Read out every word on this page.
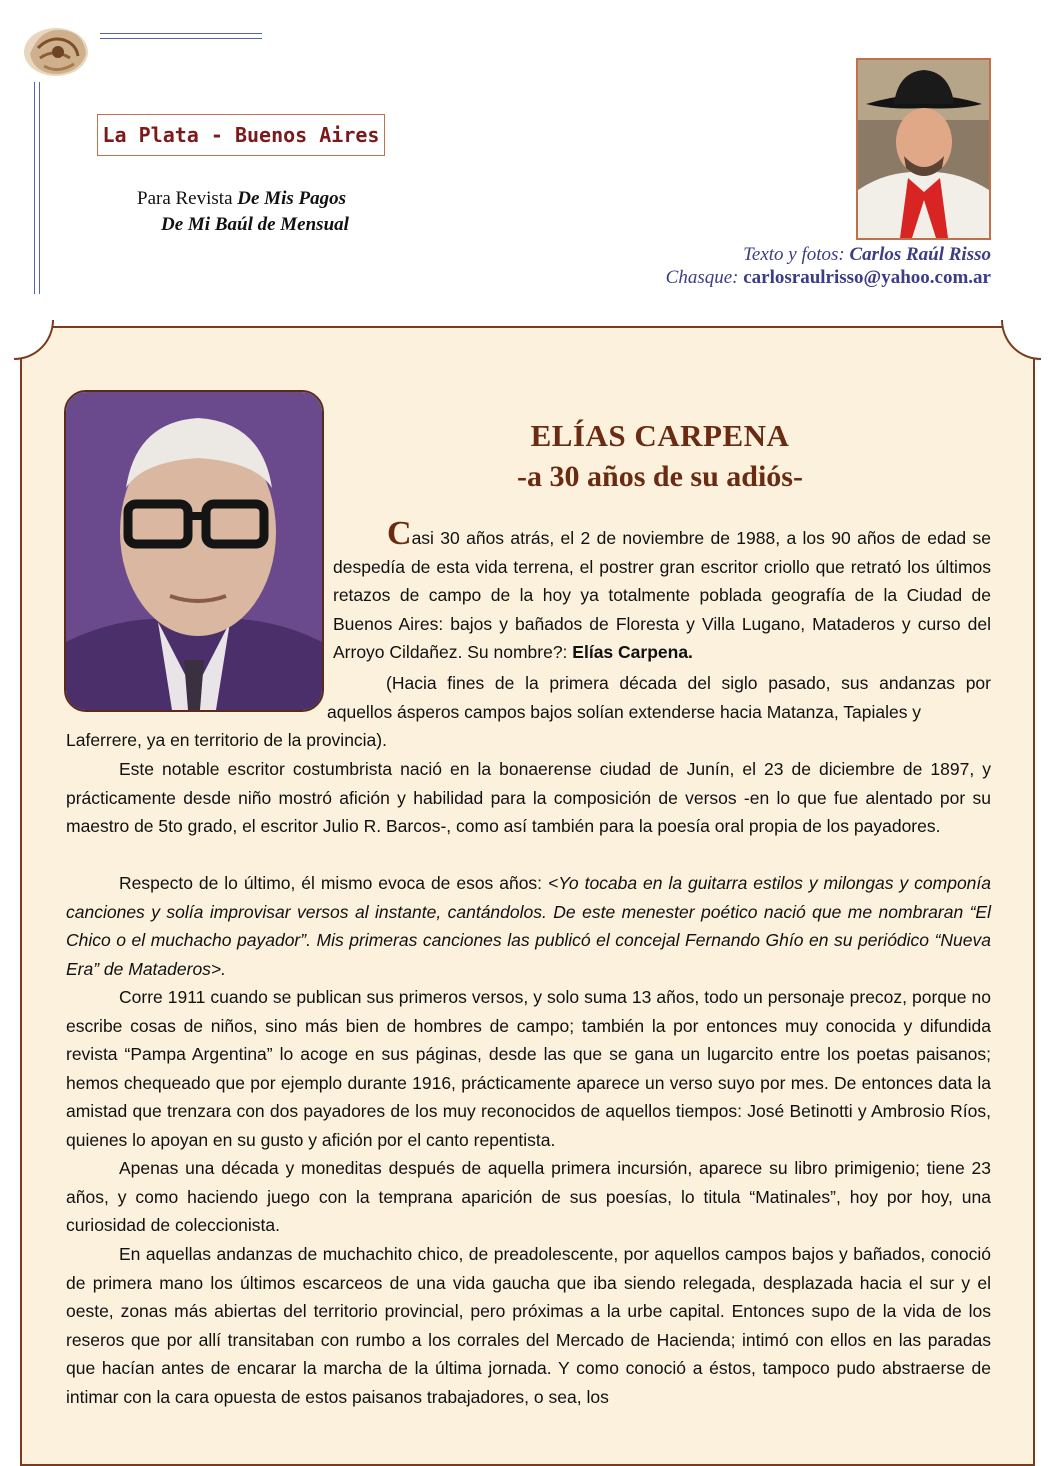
La Plata - Buenos Aires
Para Revista De Mis Pagos
De Mi Baúl de Mensual
Texto y fotos: Carlos Raúl Risso
Chasque: carlosraulrisso@yahoo.com.ar
ELÍAS CARPENA
-a 30 años de su adiós-
Casi 30 años atrás, el 2 de noviembre de 1988, a los 90 años de edad se despedía de esta vida terrena, el postrer gran escritor criollo que retrató los últimos retazos de campo de la hoy ya totalmente poblada geografía de la Ciudad de Buenos Aires: bajos y bañados de Floresta y Villa Lugano, Mataderos y curso del Arroyo Cildañez. Su nombre?: Elías Carpena.
(Hacia fines de la primera década del siglo pasado, sus andanzas por aquellos ásperos campos bajos solían extenderse hacia Matanza, Tapiales y
Laferrere, ya en territorio de la provincia).
Este notable escritor costumbrista nació en la bonaerense ciudad de Junín, el 23 de diciembre de 1897, y prácticamente desde niño mostró afición y habilidad para la composición de versos -en lo que fue alentado por su maestro de 5to grado, el escritor Julio R. Barcos-, como así también para la poesía oral propia de los payadores.
Respecto de lo último, él mismo evoca de esos años: <Yo tocaba en la guitarra estilos y milongas y componía canciones y solía improvisar versos al instante, cantándolos. De este menester poético nació que me nombraran “El Chico o el muchacho payador”. Mis primeras canciones las publicó el concejal Fernando Ghío en su periódico “Nueva Era” de Mataderos>.
Corre 1911 cuando se publican sus primeros versos, y solo suma 13 años, todo un personaje precoz, porque no escribe cosas de niños, sino más bien de hombres de campo; también la por entonces muy conocida y difundida revista “Pampa Argentina” lo acoge en sus páginas, desde las que se gana un lugarcito entre los poetas paisanos; hemos chequeado que por ejemplo durante 1916, prácticamente aparece un verso suyo por mes. De entonces data la amistad que trenzara con dos payadores de los muy reconocidos de aquellos tiempos: José Betinotti y Ambrosio Ríos, quienes lo apoyan en su gusto y afición por el canto repentista.
Apenas una década y moneditas después de aquella primera incursión, aparece su libro primigenio; tiene 23 años, y como haciendo juego con la temprana aparición de sus poesías, lo titula “Matinales”, hoy por hoy, una curiosidad de coleccionista.
En aquellas andanzas de muchachito chico, de preadolescente, por aquellos campos bajos y bañados, conoció de primera mano los últimos escarceos de una vida gaucha que iba siendo relegada, desplazada hacia el sur y el oeste, zonas más abiertas del territorio provincial, pero próximas a la urbe capital. Entonces supo de la vida de los reseros que por allí transitaban con rumbo a los corrales del Mercado de Hacienda; intimó con ellos en las paradas que hacían antes de encarar la marcha de la última jornada. Y como conoció a éstos, tampoco pudo abstraerse de intimar con la cara opuesta de estos paisanos trabajadores, o sea, los
